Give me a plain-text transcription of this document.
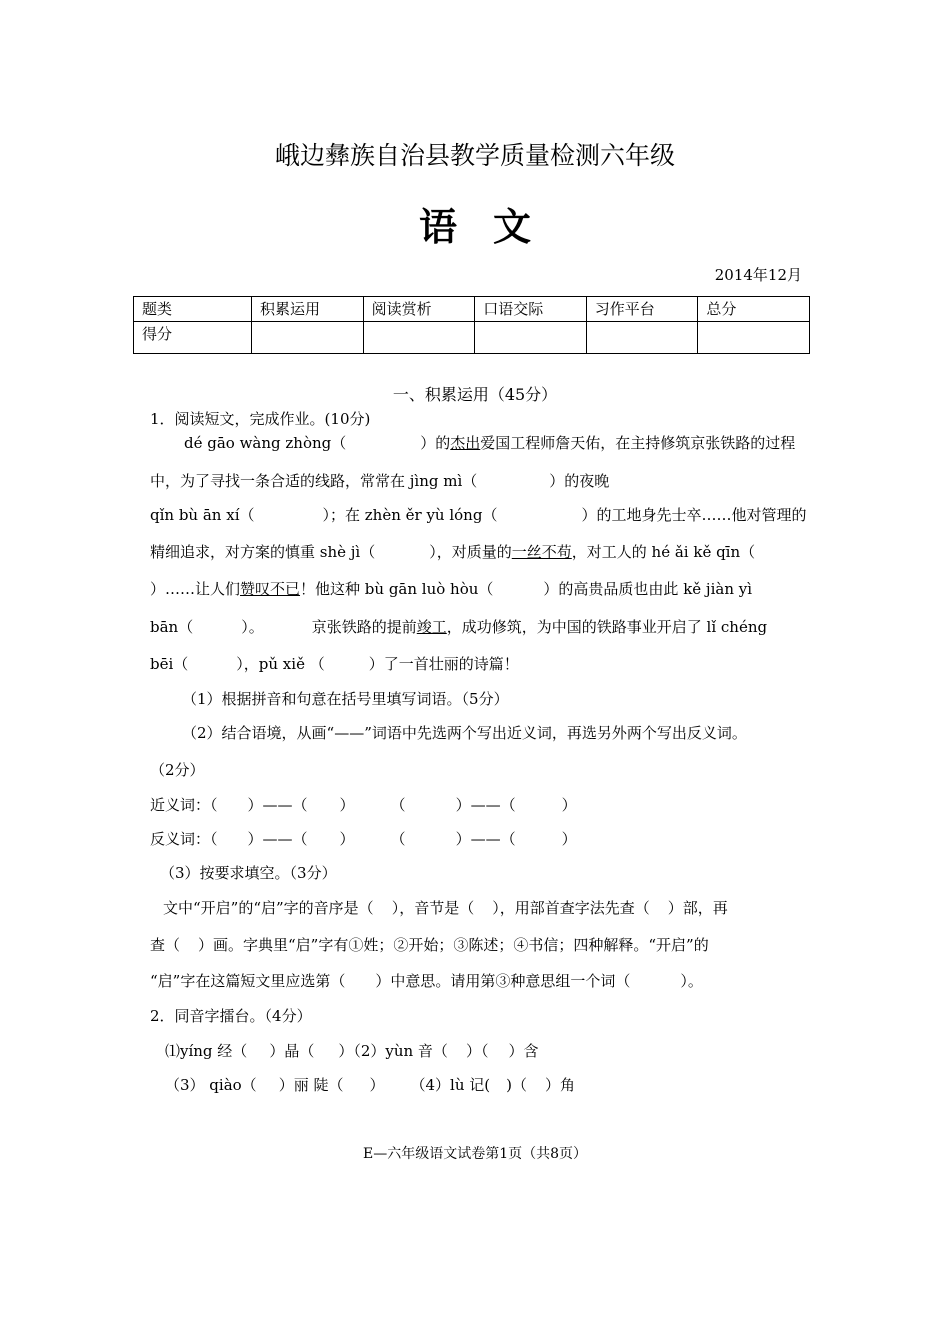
峨边彝族自治县教学质量检测六年级
语文
2014年12月
题类	积累运用	阅读赏析	口语交际	习作平台	总分
得分					
一、积累运用（45分）
1．阅读短文，完成作业。(10分)
dé gāo wàng zhòng（	）的杰出爱国工程师詹天佑，在主持修筑京张铁路的过程
中，为了寻找一条合适的线路，常常在 jìng mì（	）的夜晚
qǐn bù ān xí（	）；在 zhèn ěr yù lóng（	）的工地身先士卒……他对管理的
精细追求，对方案的慎重 shè jì（	），对质量的一丝不苟，对工人的 hé ǎi kě qīn（
）……让人们赞叹不已！他这种 bù gān luò hòu（	）的高贵品质也由此 kě jiàn yì
bān（	）。	京张铁路的提前竣工，成功修筑，为中国的铁路事业开启了 lǐ chéng
bēi（	），pǔ xiě （	）了一首壮丽的诗篇！
（1）根据拼音和句意在括号里填写词语。（5分）
（2）结合语境，从画“——”词语中先选两个写出近义词，再选另外两个写出反义词。
（2分）
近义词：（ ）——（ ） （	）——（	）
反义词：（ ）——（ ） （	）——（	）
（3）按要求填空。（3分）
文中“开启”的“启”字的音序是（ ），音节是（ ），用部首查字法先查（ ）部，再
查（ ）画。字典里“启”字有①姓；②开始；③陈述；④书信；四种解释。“开启”的
“启”字在这篇短文里应选第（ ）中意思。请用第③种意思组一个词（	）。
2．同音字擂台。（4分）
⑴yíng 经（ ）晶（ ）（2）yùn 音（ ）（ ）含
（3） qiào（ ）丽 陡（ ） （4）lù 记( )（ ）角
E—六年级语文试卷第1页（共8页）
